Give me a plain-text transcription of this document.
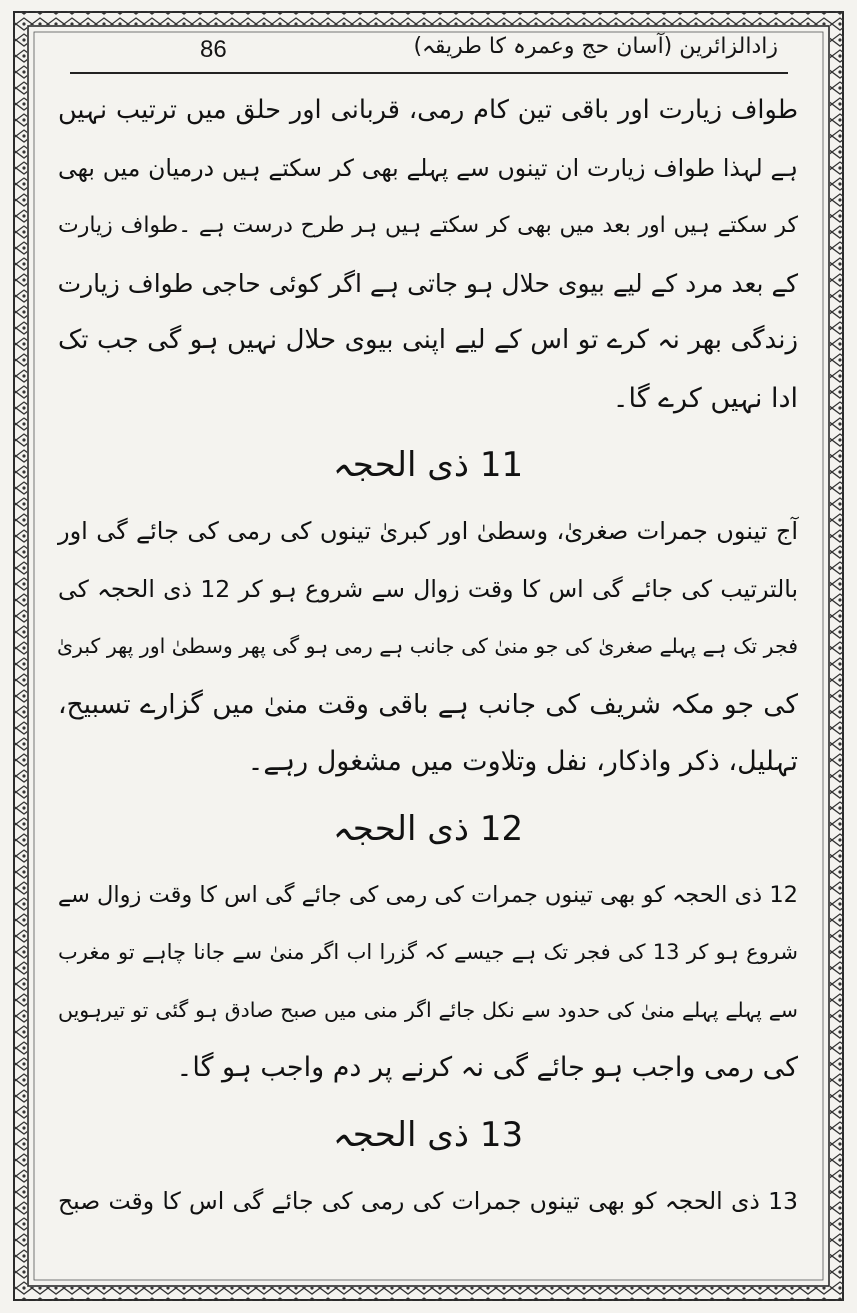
86	زادالزائرین (آسان حج وعمرہ کا طریقہ)
طواف زیارت اور باقی تین کام رمی، قربانی اور حلق میں ترتیب نہیں
ہے لہذا طواف زیارت ان تینوں سے پہلے بھی کر سکتے ہیں درمیان میں بھی
کر سکتے ہیں اور بعد میں بھی کر سکتے ہیں ہر طرح درست ہے ۔طواف زیارت
کے بعد مرد کے لیے بیوی حلال ہو جاتی ہے اگر کوئی حاجی طواف زیارت
زندگی بھر نہ کرے تو اس کے لیے اپنی بیوی حلال نہیں ہو گی جب تک
ادا نہیں کرے گا۔
11 ذی الحجہ
آج تینوں جمرات صغریٰ، وسطیٰ اور کبریٰ تینوں کی رمی کی جائے گی اور
بالترتیب کی جائے گی اس کا وقت زوال سے شروع ہو کر 12 ذی الحجہ کی
فجر تک ہے پہلے صغریٰ کی جو منیٰ کی جانب ہے رمی ہو گی پھر وسطیٰ اور پھر کبریٰ
کی جو مکہ شریف کی جانب ہے باقی وقت منیٰ میں گزارے تسبیح،
تہلیل، ذکر واذکار، نفل وتلاوت میں مشغول رہے۔
12 ذی الحجہ
12 ذی الحجہ کو بھی تینوں جمرات کی رمی کی جائے گی اس کا وقت زوال سے
شروع ہو کر 13 کی فجر تک ہے جیسے کہ گزرا اب اگر منیٰ سے جانا چاہے تو مغرب
سے پہلے پہلے منیٰ کی حدود سے نکل جائے اگر منی میں صبح صادق ہو گئی تو تیرہویں
کی رمی واجب ہو جائے گی نہ کرنے پر دم واجب ہو گا۔
13 ذی الحجہ
13 ذی الحجہ کو بھی تینوں جمرات کی رمی کی جائے گی اس کا وقت صبح
